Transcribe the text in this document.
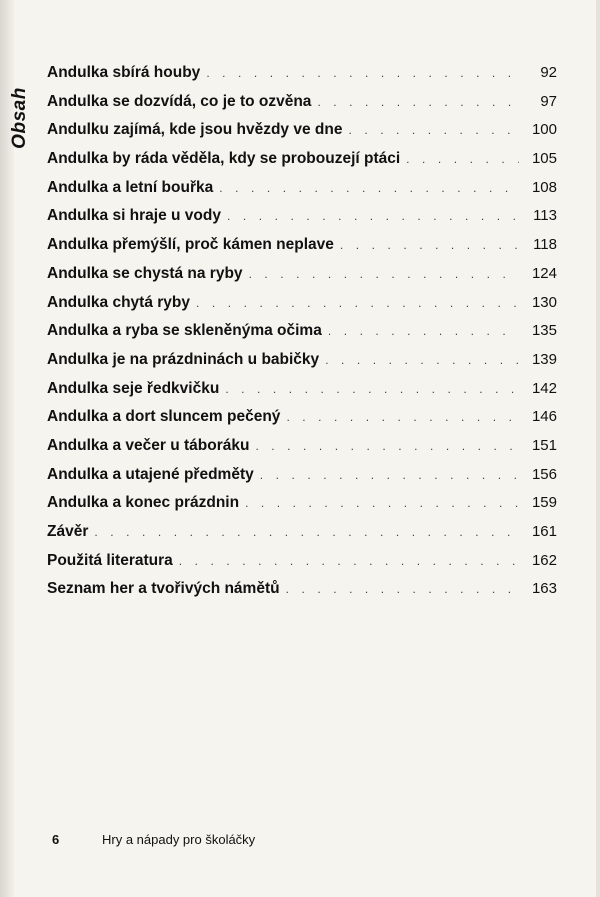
Obsah
Andulka sbírá houby . . .	92
Andulka se dozvídá, co je to ozvěna . . .	97
Andulku zajímá, kde jsou hvězdy ve dne . . .	100
Andulka by ráda věděla, kdy se probouzejí ptáci . . .	105
Andulka a letní bouřka . . .	108
Andulka si hraje u vody . . .	113
Andulka přemýšlí, proč kámen neplave . . .	118
Andulka se chystá na ryby . . .	124
Andulka chytá ryby . . .	130
Andulka a ryba se skleněnýma očima . . .	135
Andulka je na prázdninách u babičky . . .	139
Andulka seje ředkvičku . . .	142
Andulka a dort sluncem pečený . . .	146
Andulka a večer u táboráku . . .	151
Andulka a utajené předměty . . .	156
Andulka a konec prázdnin . . .	159
Závěr . . .	161
Použitá literatura . . .	162
Seznam her a tvořivých námětů . . .	163
6	Hry a nápady pro školáčky
